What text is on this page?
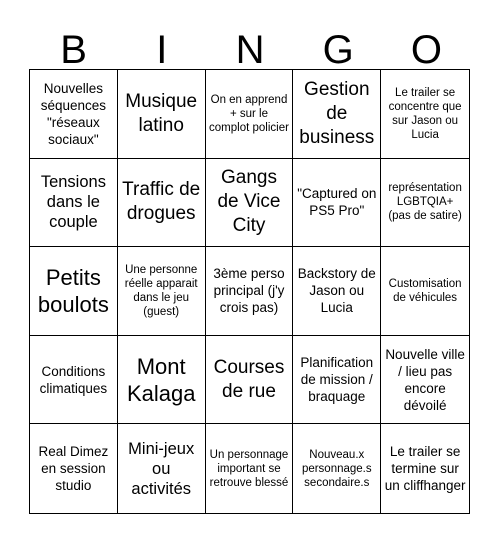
B	I	N	G	O
Nouvelles séquences "réseaux sociaux"
Musique latino
On en apprend + sur le complot policier
Gestion de business
Le trailer se concentre que sur Jason ou Lucia
Tensions dans le couple
Traffic de drogues
Gangs de Vice City
"Captured on PS5 Pro"
représentation LGBTQIA+ (pas de satire)
Petits boulots
Une personne réelle apparait dans le jeu (guest)
3ème perso principal (j'y crois pas)
Backstory de Jason ou Lucia
Customisation de véhicules
Conditions climatiques
Mont Kalaga
Courses de rue
Planification de mission / braquage
Nouvelle ville / lieu pas encore dévoilé
Real Dimez en session studio
Mini-jeux ou activités
Un personnage important se retrouve blessé
Nouveau.x personnage.s secondaire.s
Le trailer se termine sur un cliffhanger
